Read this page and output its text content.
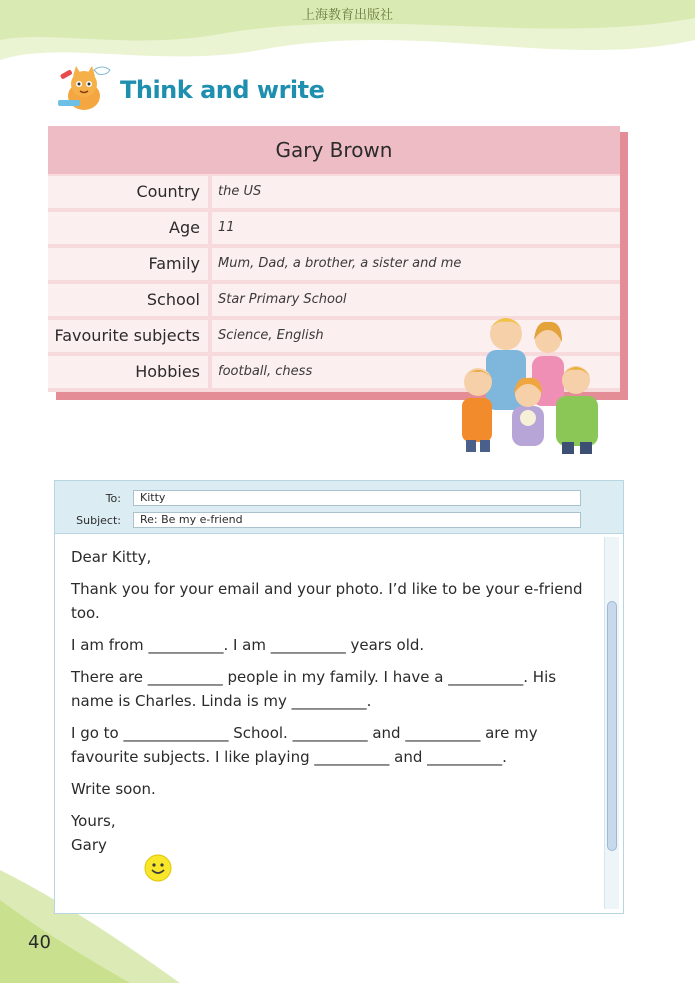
上海教育出版社
Think and write
Gary Brown
Country	the US
Age	11
Family	Mum, Dad, a brother, a sister and me
School	Star Primary School
Favourite subjects	Science, English
Hobbies	football, chess
To:	Kitty
Subject:	Re: Be my e-friend

Dear Kitty,

Thank you for your email and your photo. I’d like to be your e-friend too.

I am from __________. I am __________ years old.

There are __________ people in my family. I have a __________. His name is Charles. Linda is my __________.

I go to ______________ School. __________ and __________ are my favourite subjects. I like playing __________ and __________.

Write soon.

Yours,

Gary

40
